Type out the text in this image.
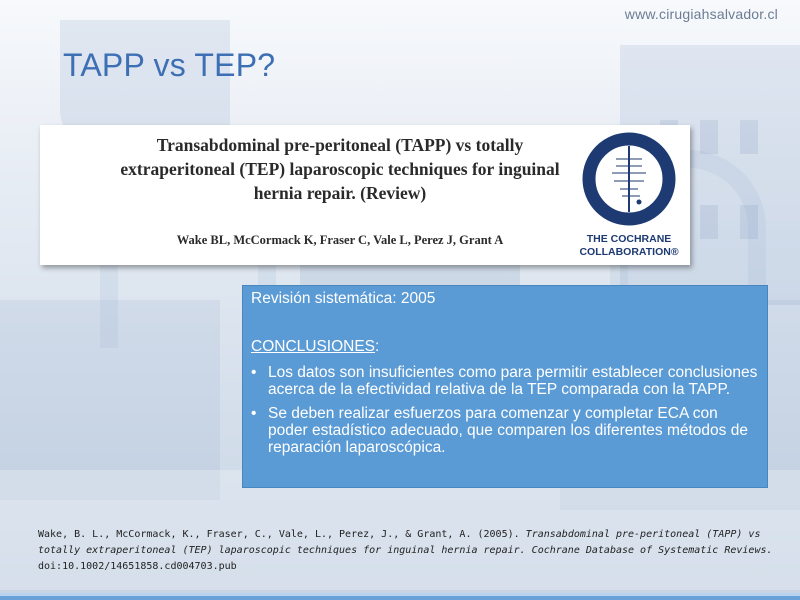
www.cirugiahsalvador.cl
TAPP vs TEP?
Transabdominal pre-peritoneal (TAPP) vs totally
extraperitoneal (TEP) laparoscopic techniques for inguinal
hernia repair. (Review)
Wake BL, McCormack K, Fraser C, Vale L, Perez J, Grant A	THE COCHRANE
COLLABORATION®
Revisión sistemática: 2005
CONCLUSIONES:
• Los datos son insuficientes como para permitir establecer conclusiones acerca de la efectividad relativa de la TEP comparada con la TAPP.
• Se deben realizar esfuerzos para comenzar y completar ECA con poder estadístico adecuado, que comparen los diferentes métodos de reparación laparoscópica.
Wake, B. L., McCormack, K., Fraser, C., Vale, L., Perez, J., & Grant, A. (2005). Transabdominal pre-peritoneal (TAPP) vs totally extraperitoneal (TEP) laparoscopic techniques for inguinal hernia repair. Cochrane Database of Systematic Reviews. doi:10.1002/14651858.cd004703.pub
